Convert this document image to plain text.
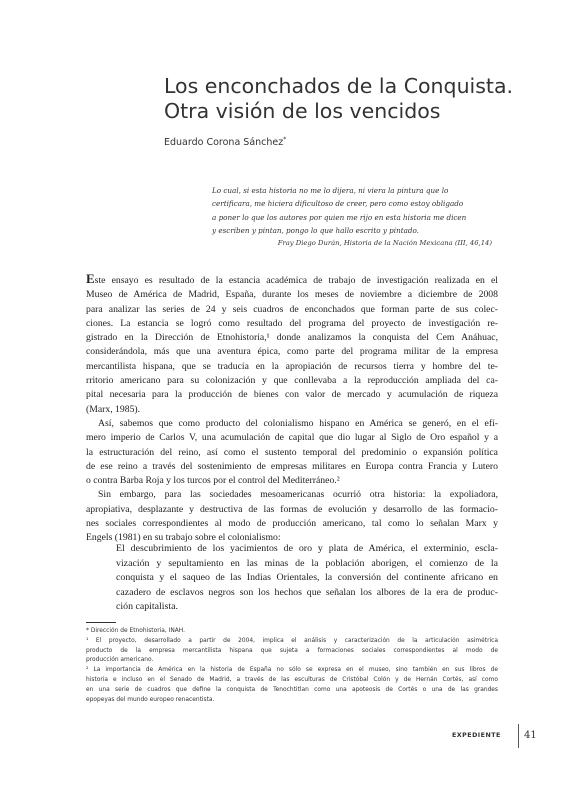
Los enconchados de la Conquista.
Otra visión de los vencidos
Eduardo Corona Sánchez*
Lo cual, si esta historia no me lo dijera, ni viera la pintura que lo
certificara, me hiciera dificultoso de creer, pero como estoy obligado
a poner lo que los autores por quien me rijo en esta historia me dicen
y escriben y pintan, pongo lo que hallo escrito y pintado.
Fray Diego Durán, Historia de la Nación Mexicana (III, 46,14)

Este ensayo es resultado de la estancia académica de trabajo de investigación realizada en el

Museo de América de Madrid, España, durante los meses de noviembre a diciembre de 2008

para analizar las series de 24 y seis cuadros de enconchados que forman parte de sus colec-

ciones. La estancia se logró como resultado del programa del proyecto de investigación re-

gistrado en la Dirección de Etnohistoria,¹ donde analizamos la conquista del Cem Anáhuac,

considerándola, más que una aventura épica, como parte del programa militar de la empresa

mercantilista hispana, que se traducía en la apropiación de recursos tierra y hombre del te-

rritorio americano para su colonización y que conllevaba a la reproducción ampliada del ca-

pital necesaria para la producción de bienes con valor de mercado y acumulación de riqueza

(Marx, 1985).

Así, sabemos que como producto del colonialismo hispano en América se generó, en el efí-

mero imperio de Carlos V, una acumulación de capital que dio lugar al Siglo de Oro español y a

la estructuración del reino, así como el sustento temporal del predominio o expansión política

de ese reino a través del sostenimiento de empresas militares en Europa contra Francia y Lutero

o contra Barba Roja y los turcos por el control del Mediterráneo.²

Sin embargo, para las sociedades mesoamericanas ocurrió otra historia: la expoliadora,

apropiativa, desplazante y destructiva de las formas de evolución y desarrollo de las formacio-

nes sociales correspondientes al modo de producción americano, tal como lo señalan Marx y

Engels (1981) en su trabajo sobre el colonialismo:

El descubrimiento de los yacimientos de oro y plata de América, el exterminio, escla-

vización y sepultamiento en las minas de la población aborigen, el comienzo de la

conquista y el saqueo de las Indias Orientales, la conversión del continente africano en

cazadero de esclavos negros son los hechos que señalan los albores de la era de produc-

ción capitalista.

* Dirección de Etnohistoria, INAH.

¹ El proyecto, desarrollado a partir de 2004, implica el análisis y caracterización de la articulación asimétrica

producto de la empresa mercantilista hispana que sujeta a formaciones sociales correspondientes al modo de

producción americano.

² La importancia de América en la historia de España no sólo se expresa en el museo, sino también en sus libros de

historia e incluso en el Senado de Madrid, a través de las esculturas de Cristóbal Colón y de Hernán Cortés, así como

en una serie de cuadros que define la conquista de Tenochtitlan como una apoteosis de Cortés o una de las grandes

epopeyas del mundo europeo renacentista.

EXPEDIENTE 41
